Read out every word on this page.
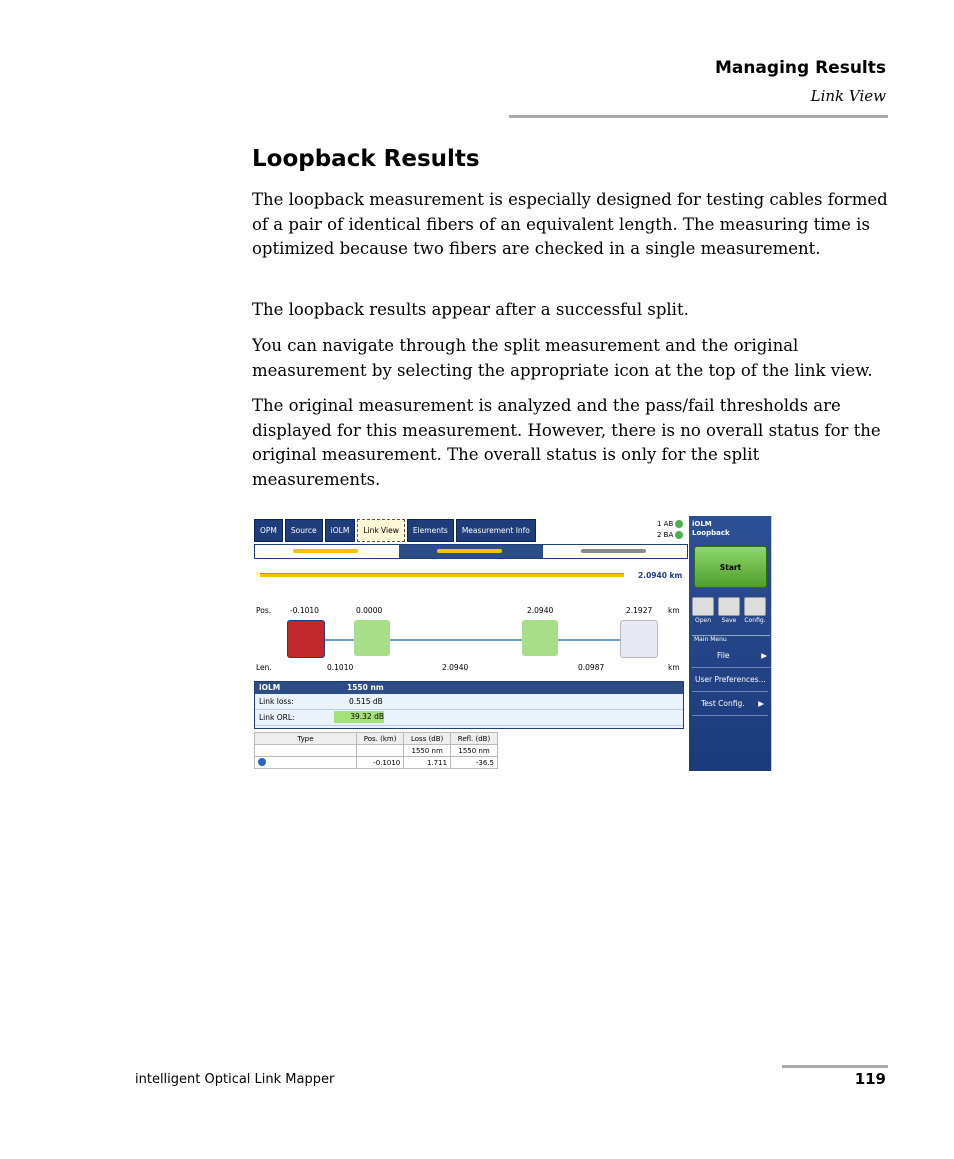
Managing Results
Link View
Loopback Results

The loopback measurement is especially designed for testing cables formed of a pair of identical fibers of an equivalent length. The measuring time is optimized because two fibers are checked in a single measurement.

The loopback results appear after a successful split.

You can navigate through the split measurement and the original measurement by selecting the appropriate icon at the top of the link view.

The original measurement is analyzed and the pass/fail thresholds are displayed for this measurement. However, there is no overall status for the original measurement. The overall status is only for the split measurements.

OPM	Source	iOLM	Link View	Elements	Measurement Info
1 AB
2 BA
2.0940 km
Pos.	-0.1010	0.0000	2.0940	2.1927 km
Len.	0.1010	2.0940	0.0987	km
iOLM	1550 nm
Link loss:	0.515 dB
Link ORL:	39.32 dB
Type	Pos. (km)	Loss (dB)	Refl. (dB)
		1550 nm	1550 nm
	-0.1010	1.711	-36.5
iOLM
Loopback
Start
Open	Save	Config.
Main Menu
File	▶
User Preferences...
Test Config. ▶
intelligent Optical Link Mapper	119
